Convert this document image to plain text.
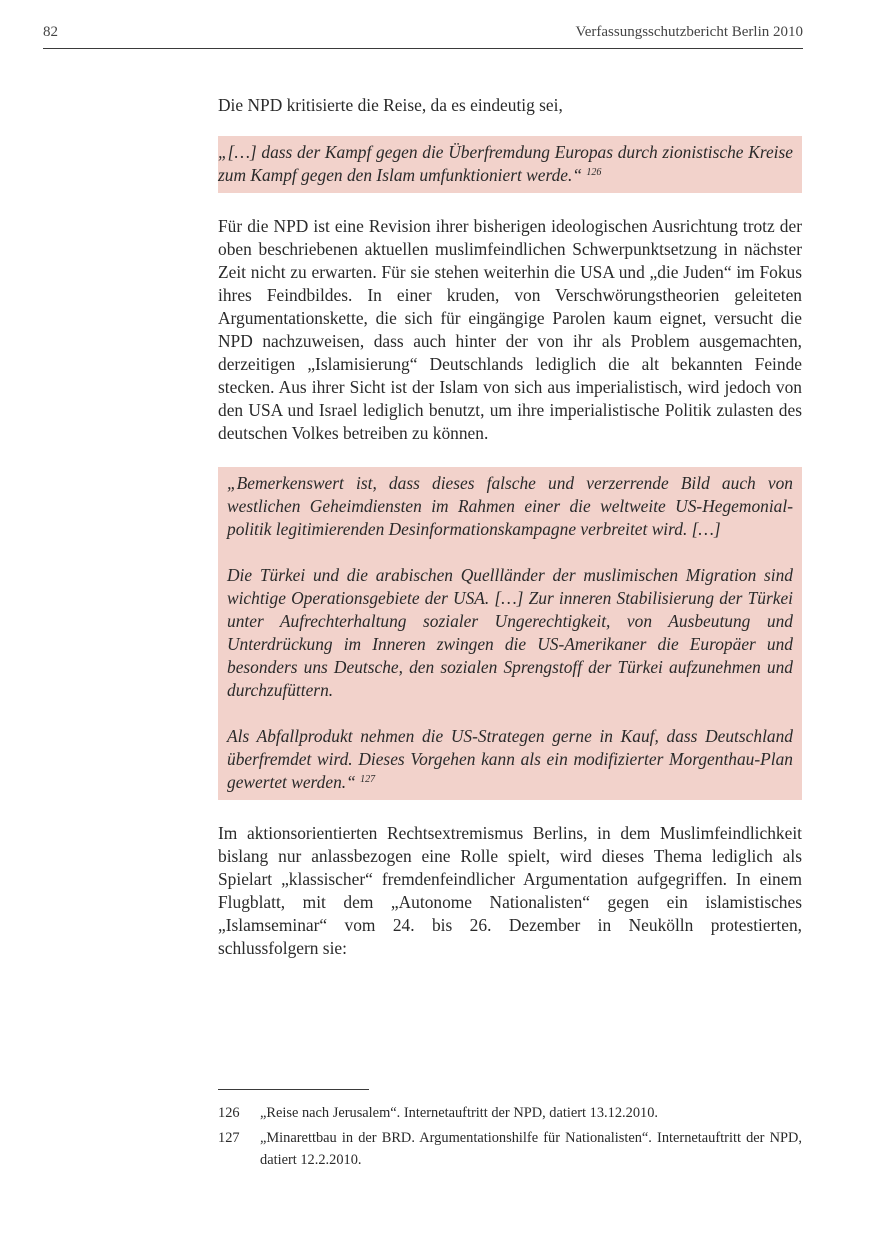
82	Verfassungsschutzbericht Berlin 2010

Die NPD kritisierte die Reise, da es eindeutig sei,

„[…] dass der Kampf gegen die Überfremdung Europas durch zionistische Kreise zum Kampf gegen den Islam umfunktioniert werde.“ $^{126}$

Für die NPD ist eine Revision ihrer bisherigen ideologischen Ausrichtung trotz der oben beschriebenen aktuellen muslimfeindlichen Schwerpunktsetzung in nächster Zeit nicht zu erwarten. Für sie stehen weiterhin die USA und „die Juden“ im Fokus ihres Feindbildes. In einer kruden, von Verschwörungstheorien geleiteten Argumentationskette, die sich für eingängige Parolen kaum eignet, versucht die NPD nachzuweisen, dass auch hinter der von ihr als Problem ausgemachten, derzeitigen „Islamisierung“ Deutschlands lediglich die alt bekannten Feinde stecken. Aus ihrer Sicht ist der Islam von sich aus imperialistisch, wird jedoch von den USA und Israel lediglich benutzt, um ihre imperialistische Politik zulasten des deutschen Volkes betreiben zu können.

„Bemerkenswert ist, dass dieses falsche und verzerrende Bild auch von westlichen Geheimdiensten im Rahmen einer die weltweite US-Hegemonialpolitik legitimierenden Desinformationskampagne verbreitet wird. […]

Die Türkei und die arabischen Quellländer der muslimischen Migration sind wichtige Operationsgebiete der USA. […] Zur inneren Stabilisierung der Türkei unter Aufrechterhaltung sozialer Ungerechtigkeit, von Ausbeutung und Unterdrückung im Inneren zwingen die US-Amerikaner die Europäer und besonders uns Deutsche, den sozialen Sprengstoff der Türkei aufzunehmen und durchzufüttern.

Als Abfallprodukt nehmen die US-Strategen gerne in Kauf, dass Deutschland überfremdet wird. Dieses Vorgehen kann als ein modifizierter Morgenthau-Plan gewertet werden.“ $^{127}$

Im aktionsorientierten Rechtsextremismus Berlins, in dem Muslimfeindlichkeit bislang nur anlassbezogen eine Rolle spielt, wird dieses Thema lediglich als Spielart „klassischer“ fremdenfeindlicher Argumentation aufgegriffen. In einem Flugblatt, mit dem „Autonome Nationalisten“ gegen ein islamistisches „Islamseminar“ vom 24. bis 26. Dezember in Neukölln protestierten, schlussfolgern sie:

126	„Reise nach Jerusalem“. Internetauftritt der NPD, datiert 13.12.2010.
127	„Minarettbau in der BRD. Argumentationshilfe für Nationalisten“. Internetauftritt der NPD, datiert 12.2.2010.
